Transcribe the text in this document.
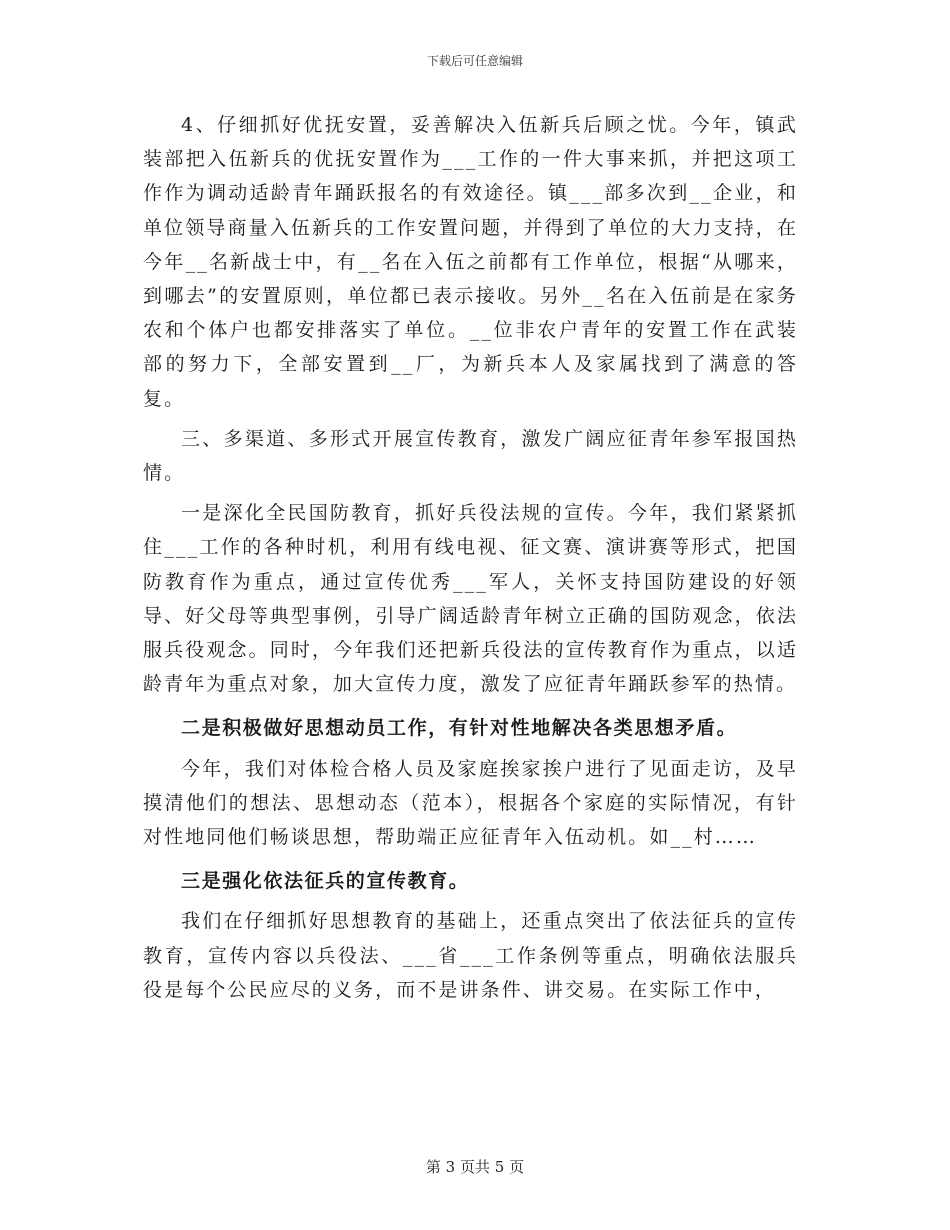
下载后可任意编辑

4、仔细抓好优抚安置，妥善解决入伍新兵后顾之忧。今年，镇武装部把入伍新兵的优抚安置作为___工作的一件大事来抓，并把这项工作作为调动适龄青年踊跃报名的有效途径。镇___部多次到__企业，和单位领导商量入伍新兵的工作安置问题，并得到了单位的大力支持，在今年__名新战士中，有__名在入伍之前都有工作单位，根据“从哪来，到哪去”的安置原则，单位都已表示接收。另外__名在入伍前是在家务农和个体户也都安排落实了单位。__位非农户青年的安置工作在武装部的努力下，全部安置到__厂，为新兵本人及家属找到了满意的答复。

三、多渠道、多形式开展宣传教育，激发广阔应征青年参军报国热情。

一是深化全民国防教育，抓好兵役法规的宣传。今年，我们紧紧抓住___工作的各种时机，利用有线电视、征文赛、演讲赛等形式，把国防教育作为重点，通过宣传优秀___军人，关怀支持国防建设的好领导、好父母等典型事例，引导广阔适龄青年树立正确的国防观念，依法服兵役观念。同时，今年我们还把新兵役法的宣传教育作为重点，以适龄青年为重点对象，加大宣传力度，激发了应征青年踊跃参军的热情。

二是积极做好思想动员工作，有针对性地解决各类思想矛盾。

今年，我们对体检合格人员及家庭挨家挨户进行了见面走访，及早摸清他们的想法、思想动态（范本），根据各个家庭的实际情况，有针对性地同他们畅谈思想，帮助端正应征青年入伍动机。如__村……

三是强化依法征兵的宣传教育。

我们在仔细抓好思想教育的基础上，还重点突出了依法征兵的宣传教育，宣传内容以兵役法、___省___工作条例等重点，明确依法服兵役是每个公民应尽的义务，而不是讲条件、讲交易。在实际工作中，

第 3 页共 5 页
